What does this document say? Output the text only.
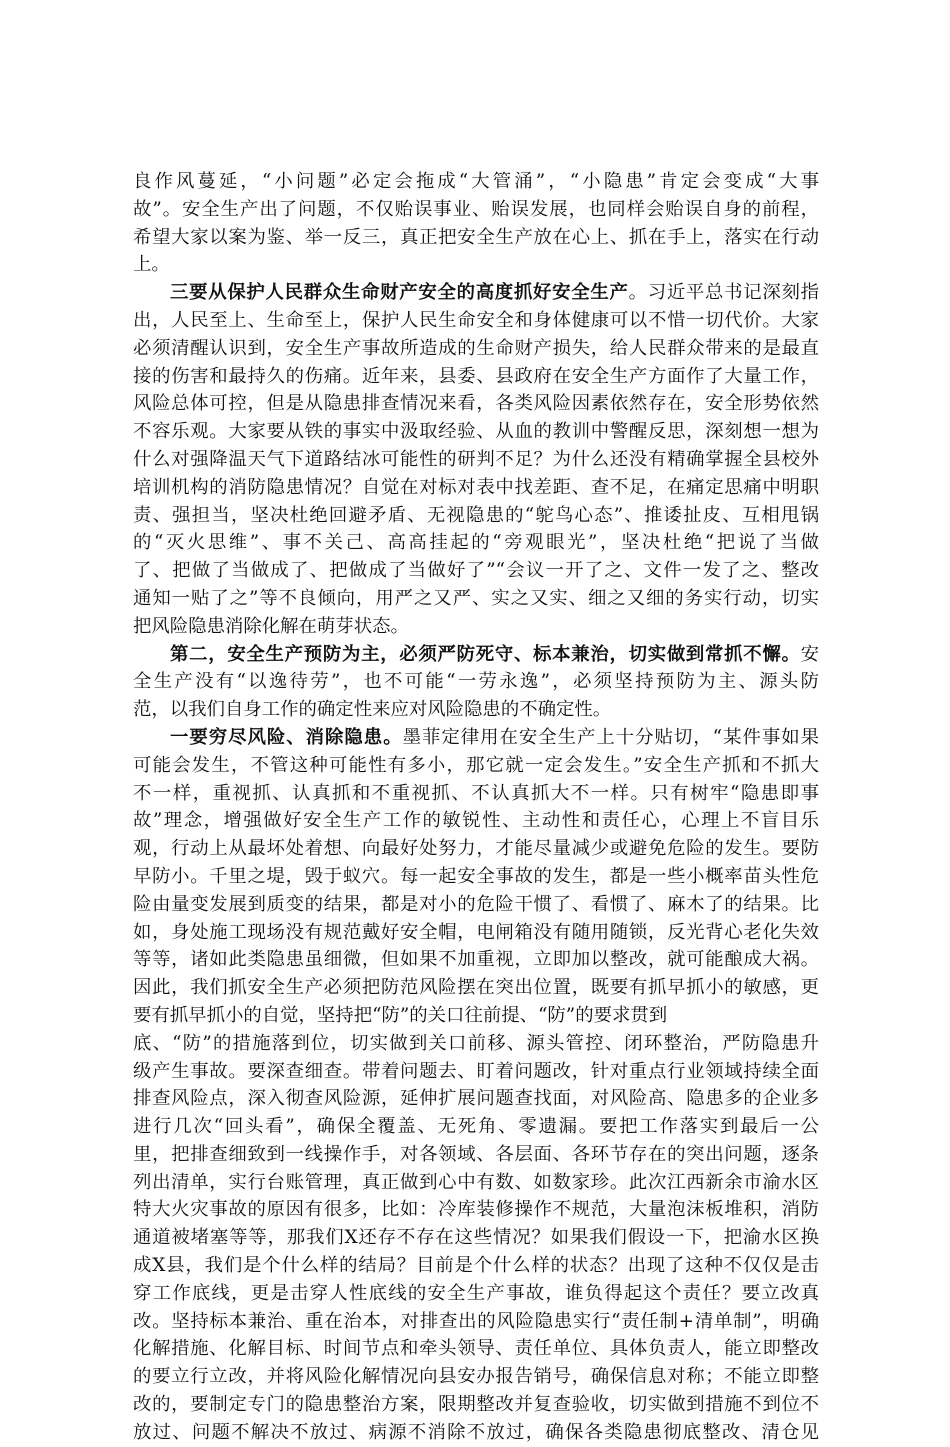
良作风蔓延，“小问题”必定会拖成“大管涌”，“小隐患”肯定会变成“大事
故”。安全生产出了问题，不仅贻误事业、贻误发展，也同样会贻误自身的前程，
希望大家以案为鉴、举一反三，真正把安全生产放在心上、抓在手上，落实在行动
上。
三要从保护人民群众生命财产安全的高度抓好安全生产。习近平总书记深刻指
出，人民至上、生命至上，保护人民生命安全和身体健康可以不惜一切代价。大家
必须清醒认识到，安全生产事故所造成的生命财产损失，给人民群众带来的是最直
接的伤害和最持久的伤痛。近年来，县委、县政府在安全生产方面作了大量工作，
风险总体可控，但是从隐患排查情况来看，各类风险因素依然存在，安全形势依然
不容乐观。大家要从铁的事实中汲取经验、从血的教训中警醒反思，深刻想一想为
什么对强降温天气下道路结冰可能性的研判不足？为什么还没有精确掌握全县校外
培训机构的消防隐患情况？自觉在对标对表中找差距、查不足，在痛定思痛中明职
责、强担当，坚决杜绝回避矛盾、无视隐患的“鸵鸟心态”、推诿扯皮、互相甩锅
的“灭火思维”、事不关己、高高挂起的“旁观眼光”，坚决杜绝“把说了当做
了、把做了当做成了、把做成了当做好了”“会议一开了之、文件一发了之、整改
通知一贴了之”等不良倾向，用严之又严、实之又实、细之又细的务实行动，切实
把风险隐患消除化解在萌芽状态。
第二，安全生产预防为主，必须严防死守、标本兼治，切实做到常抓不懈。安
全生产没有“以逸待劳”，也不可能“一劳永逸”，必须坚持预防为主、源头防
范，以我们自身工作的确定性来应对风险隐患的不确定性。
一要穷尽风险、消除隐患。墨菲定律用在安全生产上十分贴切，“某件事如果
可能会发生，不管这种可能性有多小，那它就一定会发生。”安全生产抓和不抓大
不一样，重视抓、认真抓和不重视抓、不认真抓大不一样。只有树牢“隐患即事
故”理念，增强做好安全生产工作的敏锐性、主动性和责任心，心理上不盲目乐
观，行动上从最坏处着想、向最好处努力，才能尽量减少或避免危险的发生。要防
早防小。千里之堤，毁于蚁穴。每一起安全事故的发生，都是一些小概率苗头性危
险由量变发展到质变的结果，都是对小的危险干惯了、看惯了、麻木了的结果。比
如，身处施工现场没有规范戴好安全帽，电闸箱没有随用随锁，反光背心老化失效
等等，诸如此类隐患虽细微，但如果不加重视，立即加以整改，就可能酿成大祸。
因此，我们抓安全生产必须把防范风险摆在突出位置，既要有抓早抓小的敏感，更
要有抓早抓小的自觉，坚持把“防”的关口往前提、“防”的要求贯到
底、“防”的措施落到位，切实做到关口前移、源头管控、闭环整治，严防隐患升
级产生事故。要深查细查。带着问题去、盯着问题改，针对重点行业领域持续全面
排查风险点，深入彻查风险源，延伸扩展问题查找面，对风险高、隐患多的企业多
进行几次“回头看”，确保全覆盖、无死角、零遗漏。要把工作落实到最后一公
里，把排查细致到一线操作手，对各领域、各层面、各环节存在的突出问题，逐条
列出清单，实行台账管理，真正做到心中有数、如数家珍。此次江西新余市渝水区
特大火灾事故的原因有很多，比如：冷库装修操作不规范，大量泡沫板堆积，消防
通道被堵塞等等，那我们X还存不存在这些情况？如果我们假设一下，把渝水区换
成X县，我们是个什么样的结局？目前是个什么样的状态？出现了这种不仅仅是击
穿工作底线，更是击穿人性底线的安全生产事故，谁负得起这个责任？要立改真
改。坚持标本兼治、重在治本，对排查出的风险隐患实行“责任制+清单制”，明确
化解措施、化解目标、时间节点和牵头领导、责任单位、具体负责人，能立即整改
的要立行立改，并将风险化解情况向县安办报告销号，确保信息对称；不能立即整
改的，要制定专门的隐患整治方案，限期整改并复查验收，切实做到措施不到位不
放过、问题不解决不放过、病源不消除不放过，确保各类隐患彻底整改、清仓见
